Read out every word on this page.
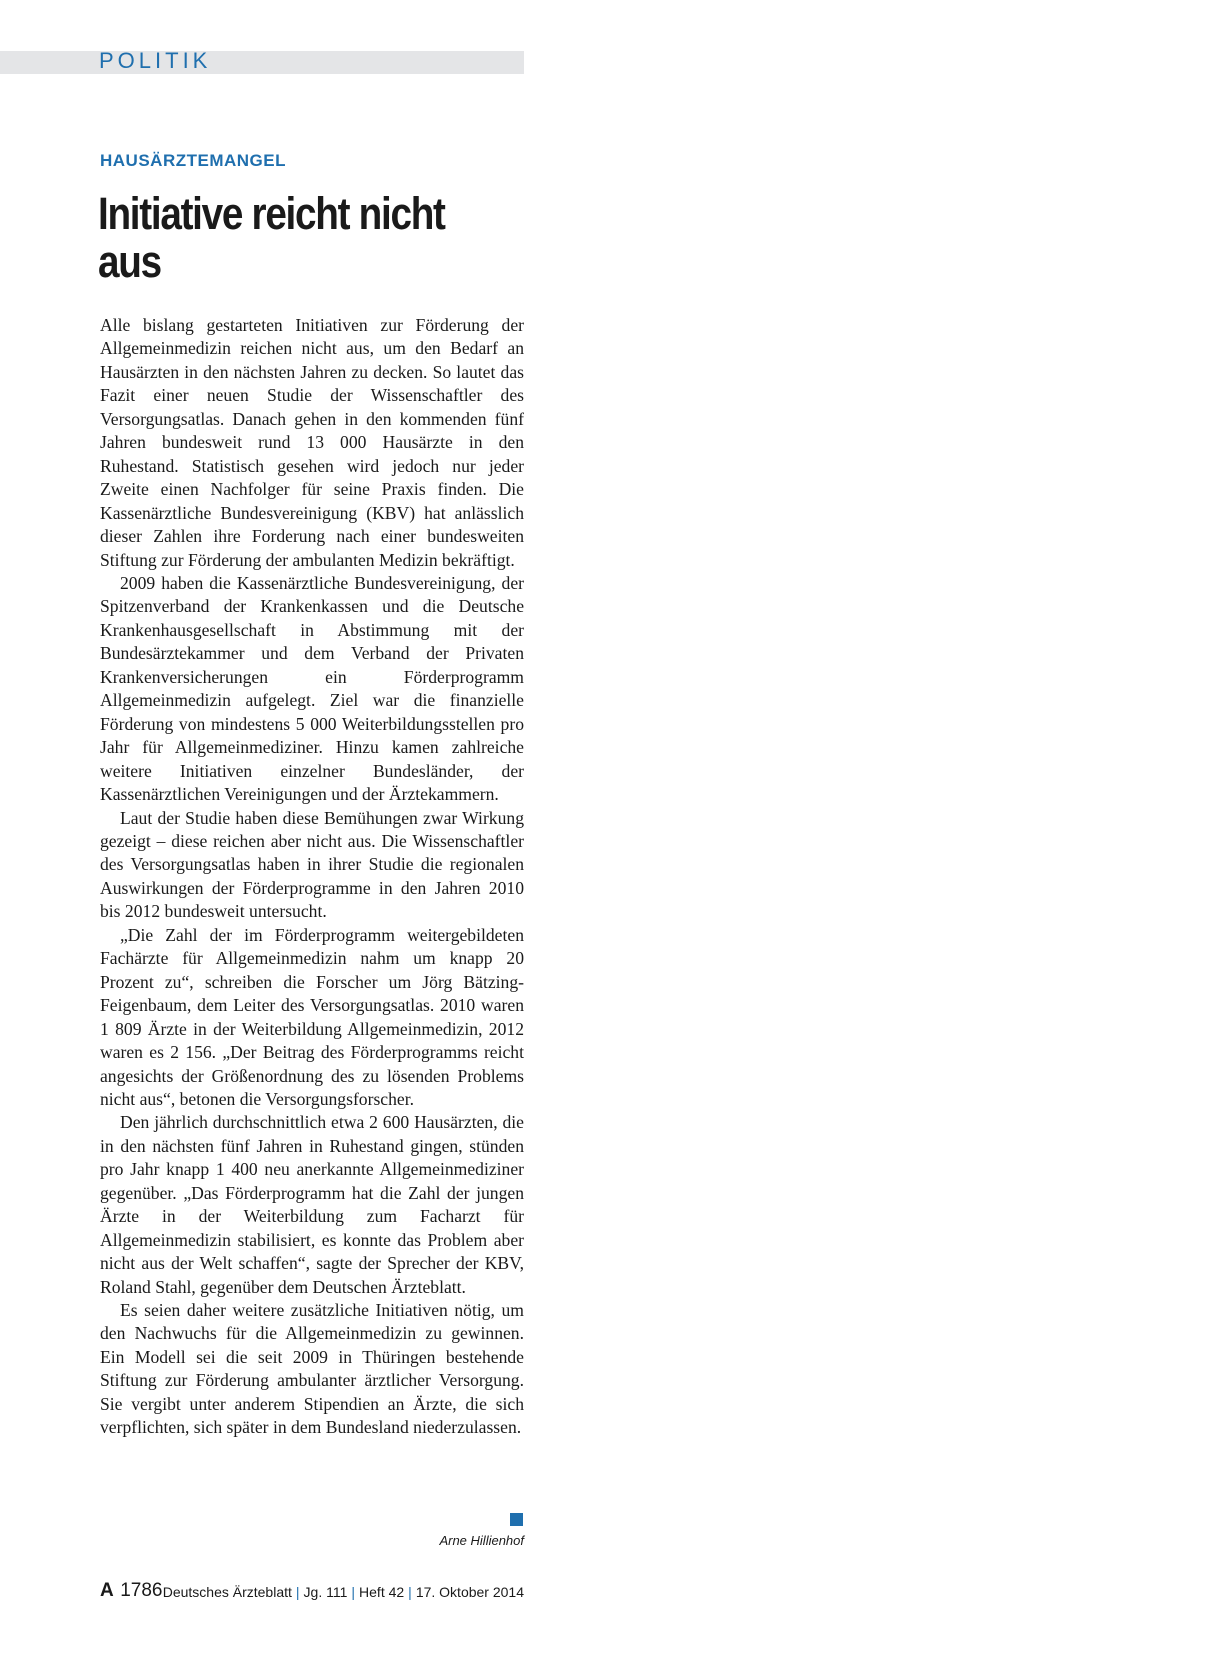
POLITIK
HAUSÄRZTEMANGEL
Initiative reicht nicht aus

Alle bislang gestarteten Initiativen zur Förderung der Allgemeinmedizin reichen nicht aus, um den Bedarf an Hausärzten in den nächsten Jahren zu decken. So lautet das Fazit einer neuen Studie der Wissenschaftler des Versorgungsatlas. Danach gehen in den kommenden fünf Jahren bundesweit rund 13 000 Hausärzte in den Ruhestand. Statistisch gesehen wird jedoch nur jeder Zweite einen Nachfolger für seine Praxis finden. Die Kassenärztliche Bundesvereinigung (KBV) hat anlässlich dieser Zahlen ihre Forderung nach einer bundesweiten Stiftung zur Förderung der ambulanten Medizin bekräftigt.

2009 haben die Kassenärztliche Bundesvereinigung, der Spitzenverband der Krankenkassen und die Deutsche Krankenhausgesellschaft in Abstimmung mit der Bundesärztekammer und dem Verband der Privaten Krankenversicherungen ein Förderprogramm Allgemeinmedizin aufgelegt. Ziel war die finanzielle Förderung von mindestens 5 000 Weiterbildungsstellen pro Jahr für Allgemeinmediziner. Hinzu kamen zahlreiche weitere Initiativen einzelner Bundesländer, der Kassenärztlichen Vereinigungen und der Ärztekammern.

Laut der Studie haben diese Bemühungen zwar Wirkung gezeigt – diese reichen aber nicht aus. Die Wissenschaftler des Versorgungsatlas haben in ihrer Studie die regionalen Auswirkungen der Förderprogramme in den Jahren 2010 bis 2012 bundesweit untersucht.

„Die Zahl der im Förderprogramm weitergebildeten Fachärzte für Allgemeinmedizin nahm um knapp 20 Prozent zu“, schreiben die Forscher um Jörg Bätzing-Feigenbaum, dem Leiter des Versorgungsatlas. 2010 waren 1 809 Ärzte in der Weiterbildung Allgemeinmedizin, 2012 waren es 2 156. „Der Beitrag des Förderprogramms reicht angesichts der Größenordnung des zu lösenden Problems nicht aus“, betonen die Versorgungsforscher.

Den jährlich durchschnittlich etwa 2 600 Hausärzten, die in den nächsten fünf Jahren in Ruhestand gingen, stünden pro Jahr knapp 1 400 neu anerkannte Allgemeinmediziner gegenüber. „Das Förderprogramm hat die Zahl der jungen Ärzte in der Weiterbildung zum Facharzt für Allgemeinmedizin stabilisiert, es konnte das Problem aber nicht aus der Welt schaffen“, sagte der Sprecher der KBV, Roland Stahl, gegenüber dem Deutschen Ärzteblatt.

Es seien daher weitere zusätzliche Initiativen nötig, um den Nachwuchs für die Allgemeinmedizin zu gewinnen. Ein Modell sei die seit 2009 in Thüringen bestehende Stiftung zur Förderung ambulanter ärztlicher Versorgung. Sie vergibt unter anderem Stipendien an Ärzte, die sich verpflichten, sich später in dem Bundesland niederzulassen.

Arne Hillienhof
A 1786 Deutsches Ärzteblatt | Jg. 111 | Heft 42 | 17. Oktober 2014
